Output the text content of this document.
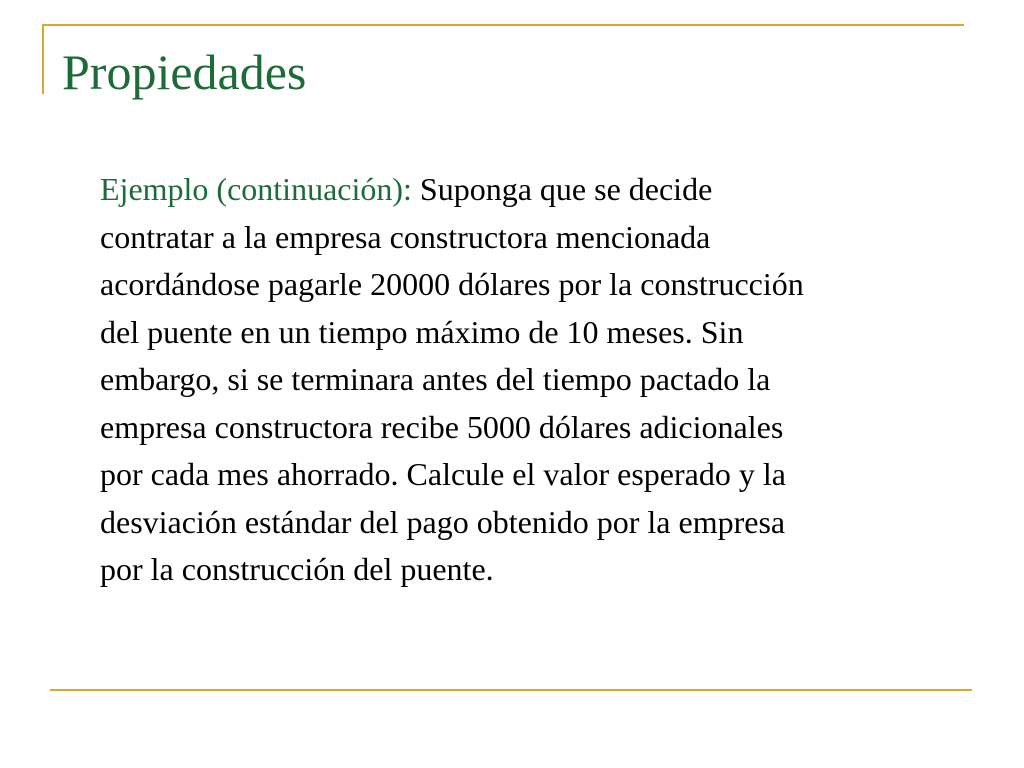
Propiedades

Ejemplo (continuación): Suponga que se decide
contratar a la empresa constructora mencionada
acordándose pagarle 20000 dólares por la construcción
del puente en un tiempo máximo de 10 meses. Sin
embargo, si se terminara antes del tiempo pactado la
empresa constructora recibe 5000 dólares adicionales
por cada mes ahorrado. Calcule el valor esperado y la
desviación estándar del pago obtenido por la empresa
por la construcción del puente.
